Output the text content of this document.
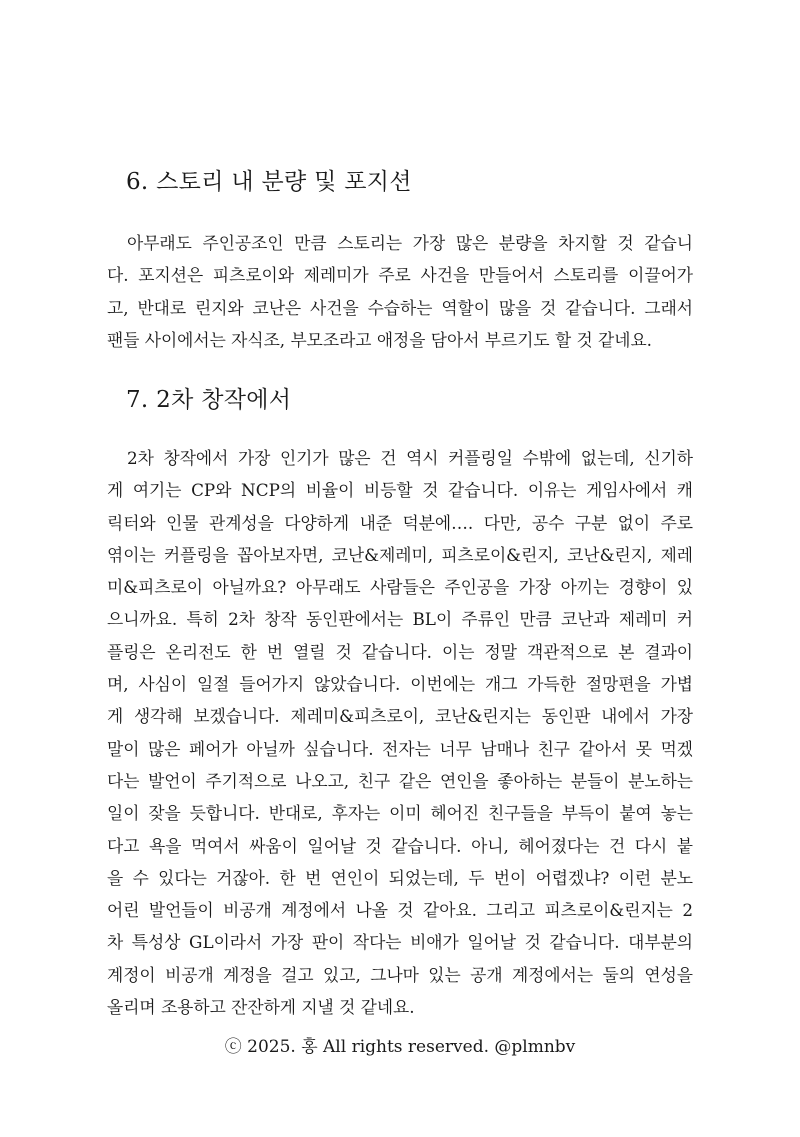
6. 스토리 내 분량 및 포지션
아무래도 주인공조인 만큼 스토리는 가장 많은 분량을 차지할 것 같습니
다. 포지션은 피츠로이와 제레미가 주로 사건을 만들어서 스토리를 이끌어가
고, 반대로 린지와 코난은 사건을 수습하는 역할이 많을 것 같습니다. 그래서
팬들 사이에서는 자식조, 부모조라고 애정을 담아서 부르기도 할 것 같네요.
7. 2차 창작에서
2차 창작에서 가장 인기가 많은 건 역시 커플링일 수밖에 없는데, 신기하
게 여기는 CP와 NCP의 비율이 비등할 것 같습니다. 이유는 게임사에서 캐
릭터와 인물 관계성을 다양하게 내준 덕분에…. 다만, 공수 구분 없이 주로
엮이는 커플링을 꼽아보자면, 코난&제레미, 피츠로이&린지, 코난&린지, 제레
미&피츠로이 아닐까요? 아무래도 사람들은 주인공을 가장 아끼는 경향이 있
으니까요. 특히 2차 창작 동인판에서는 BL이 주류인 만큼 코난과 제레미 커
플링은 온리전도 한 번 열릴 것 같습니다. 이는 정말 객관적으로 본 결과이
며, 사심이 일절 들어가지 않았습니다. 이번에는 개그 가득한 절망편을 가볍
게 생각해 보겠습니다. 제레미&피츠로이, 코난&린지는 동인판 내에서 가장
말이 많은 페어가 아닐까 싶습니다. 전자는 너무 남매나 친구 같아서 못 먹겠
다는 발언이 주기적으로 나오고, 친구 같은 연인을 좋아하는 분들이 분노하는
일이 잦을 듯합니다. 반대로, 후자는 이미 헤어진 친구들을 부득이 붙여 놓는
다고 욕을 먹여서 싸움이 일어날 것 같습니다. 아니, 헤어졌다는 건 다시 붙
을 수 있다는 거잖아. 한 번 연인이 되었는데, 두 번이 어렵겠냐? 이런 분노
어린 발언들이 비공개 계정에서 나올 것 같아요. 그리고 피츠로이&린지는 2
차 특성상 GL이라서 가장 판이 작다는 비애가 일어날 것 같습니다. 대부분의
계정이 비공개 계정을 걸고 있고, 그나마 있는 공개 계정에서는 둘의 연성을
올리며 조용하고 잔잔하게 지낼 것 같네요.
ⓒ 2025. 홍 All rights reserved. @plmnbv
